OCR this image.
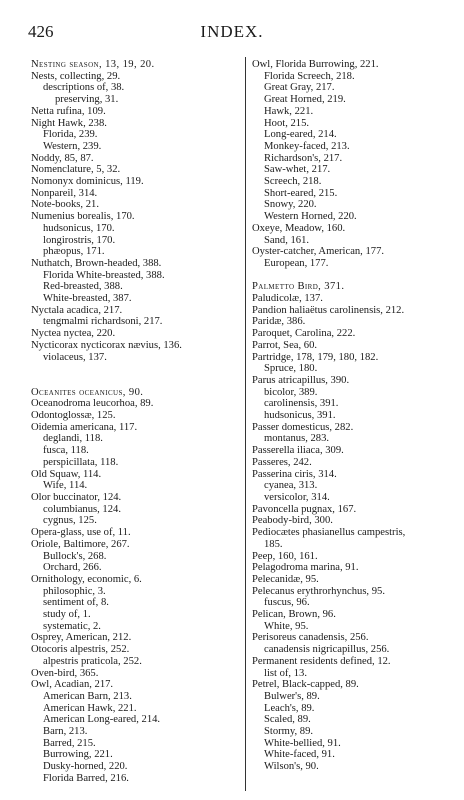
426	INDEX.
Nesting season, 13, 19, 20.
Nests, collecting, 29.
descriptions of, 38.
preserving, 31.
Netta rufina, 109.
Night Hawk, 238.
Florida, 239.
Western, 239.
Noddy, 85, 87.
Nomenclature, 5, 32.
Nomonyx dominicus, 119.
Nonpareil, 314.
Note-books, 21.
Numenius borealis, 170.
hudsonicus, 170.
longirostris, 170.
phæopus, 171.
Nuthatch, Brown-headed, 388.
Florida White-breasted, 388.
Red-breasted, 388.
White-breasted, 387.
Nyctala acadica, 217.
tengmalmi richardsoni, 217.
Nyctea nyctea, 220.
Nycticorax nycticorax nævius, 136.
violaceus, 137.
Oceanites oceanicus, 90.
Oceanodroma leucorhoa, 89.
Odontoglossæ, 125.
Oidemia americana, 117.
deglandi, 118.
fusca, 118.
perspicillata, 118.
Old Squaw, 114.
Wife, 114.
Olor buccinator, 124.
columbianus, 124.
cygnus, 125.
Opera-glass, use of, 11.
Oriole, Baltimore, 267.
Bullock's, 268.
Orchard, 266.
Ornithology, economic, 6.
philosophic, 3.
sentiment of, 8.
study of, 1.
systematic, 2.
Osprey, American, 212.
Otocoris alpestris, 252.
alpestris praticola, 252.
Oven-bird, 365.
Owl, Acadian, 217.
American Barn, 213.
American Hawk, 221.
American Long-eared, 214.
Barn, 213.
Barred, 215.
Burrowing, 221.
Dusky-horned, 220.
Florida Barred, 216.
Owl, Florida Burrowing, 221.
Florida Screech, 218.
Great Gray, 217.
Great Horned, 219.
Hawk, 221.
Hoot, 215.
Long-eared, 214.
Monkey-faced, 213.
Richardson's, 217.
Saw-whet, 217.
Screech, 218.
Short-eared, 215.
Snowy, 220.
Western Horned, 220.
Oxeye, Meadow, 160.
Sand, 161.
Oyster-catcher, American, 177.
European, 177.
Palmetto Bird, 371.
Paludicolæ, 137.
Pandion haliaëtus carolinensis, 212.
Paridæ, 386.
Paroquet, Carolina, 222.
Parrot, Sea, 60.
Partridge, 178, 179, 180, 182.
Spruce, 180.
Parus atricapillus, 390.
bicolor, 389.
carolinensis, 391.
hudsonicus, 391.
Passer domesticus, 282.
montanus, 283.
Passerella iliaca, 309.
Passeres, 242.
Passerina ciris, 314.
cyanea, 313.
versicolor, 314.
Pavoncella pugnax, 167.
Peabody-bird, 300.
Pediocætes phasianellus campestris,
185.
Peep, 160, 161.
Pelagodroma marina, 91.
Pelecanidæ, 95.
Pelecanus erythrorhynchus, 95.
fuscus, 96.
Pelican, Brown, 96.
White, 95.
Perisoreus canadensis, 256.
canadensis nigricapillus, 256.
Permanent residents defined, 12.
list of, 13.
Petrel, Black-capped, 89.
Bulwer's, 89.
Leach's, 89.
Scaled, 89.
Stormy, 89.
White-bellied, 91.
White-faced, 91.
Wilson's, 90.
